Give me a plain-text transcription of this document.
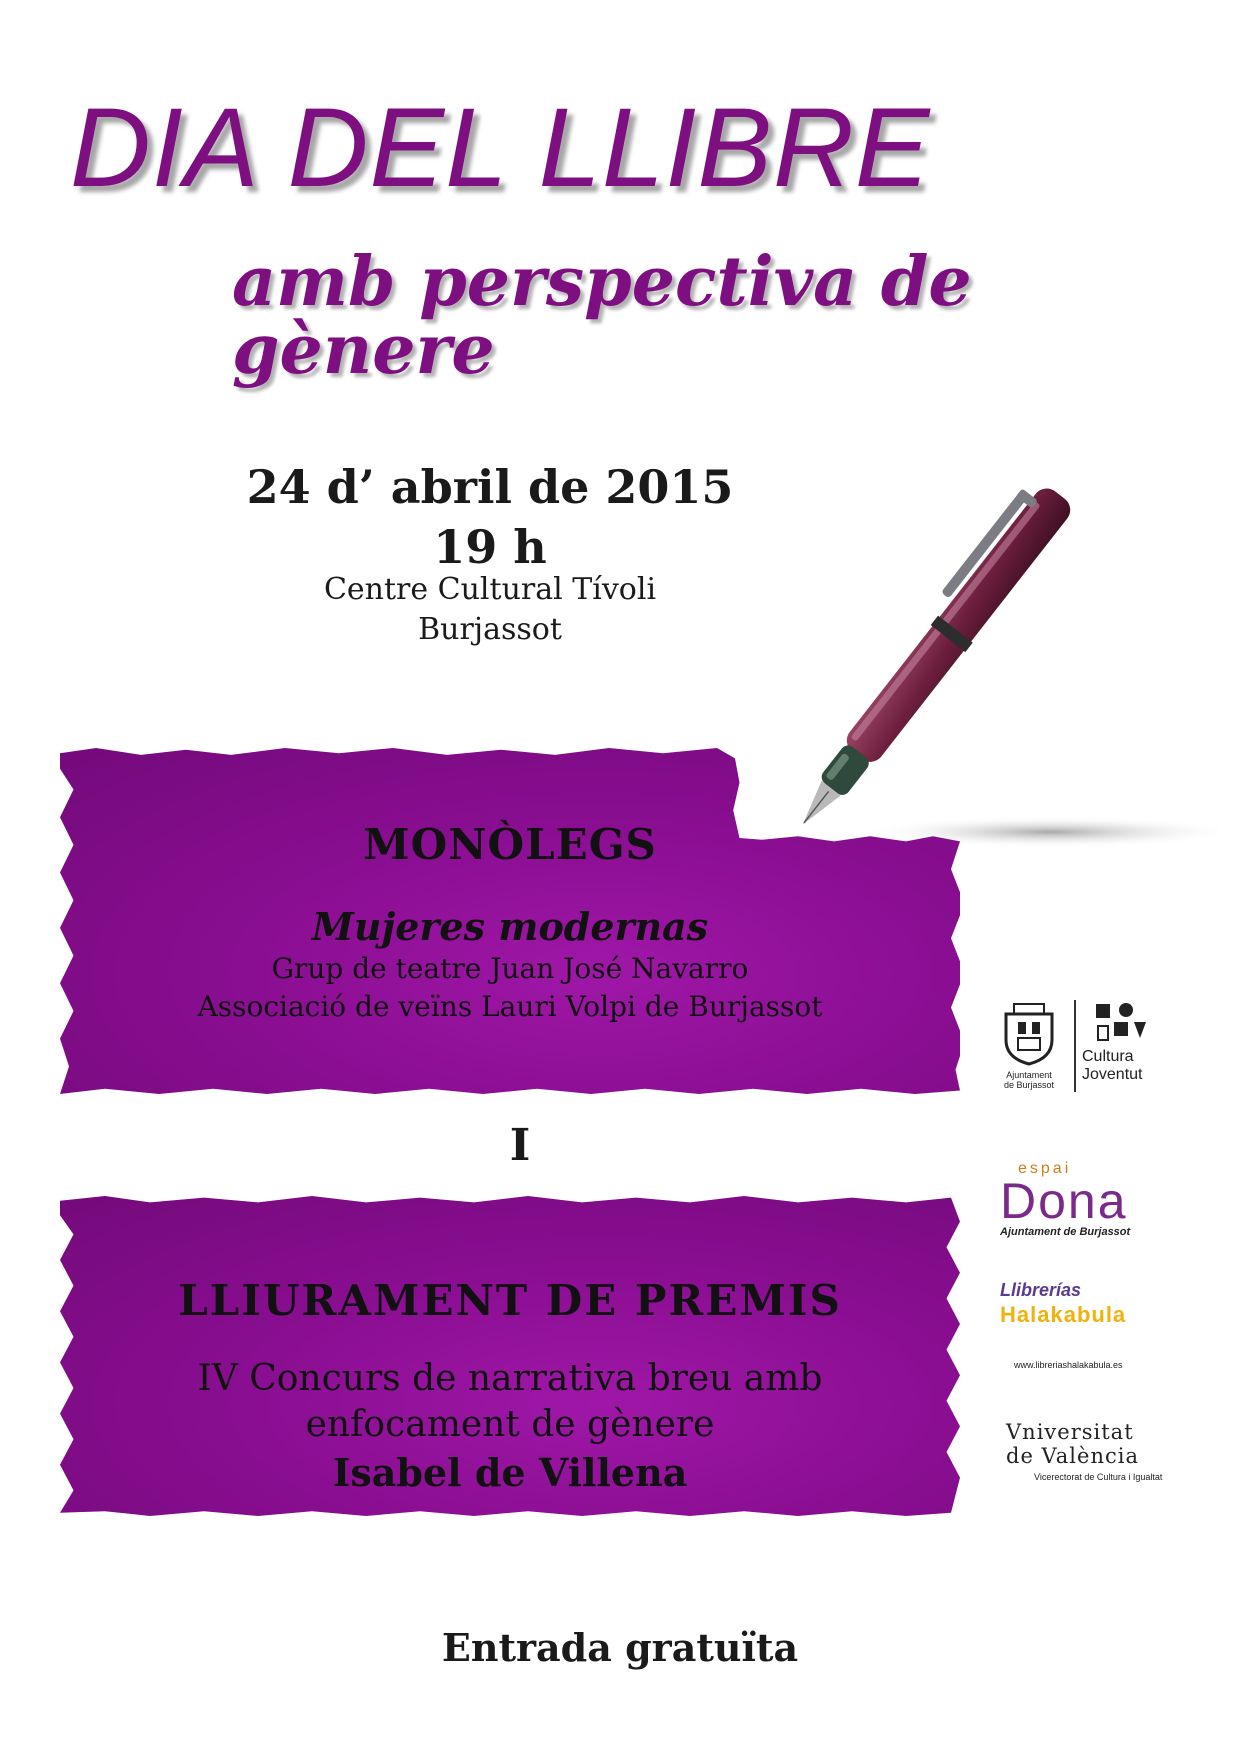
DIA DEL LLIBRE
amb perspectiva de gènere
24 d’ abril de 2015
19 h
Centre Cultural Tívoli
Burjassot
MONÒLEGS
Mujeres modernas
Grup de teatre Juan José Navarro
Associació de veïns Lauri Volpi de Burjassot
I
LLIURAMENT DE PREMIS
IV Concurs de narrativa breu amb
enfocament de gènere
Isabel de Villena
Entrada gratuïta
Ajuntament
de Burjassot
Cultura
Joventut
espai
Dona
Ajuntament de Burjassot
Llibrerías
Halakabula
www.libreriashalakabula.es
Vniversitat
de València
Vicerectorat de Cultura i Igualtat
